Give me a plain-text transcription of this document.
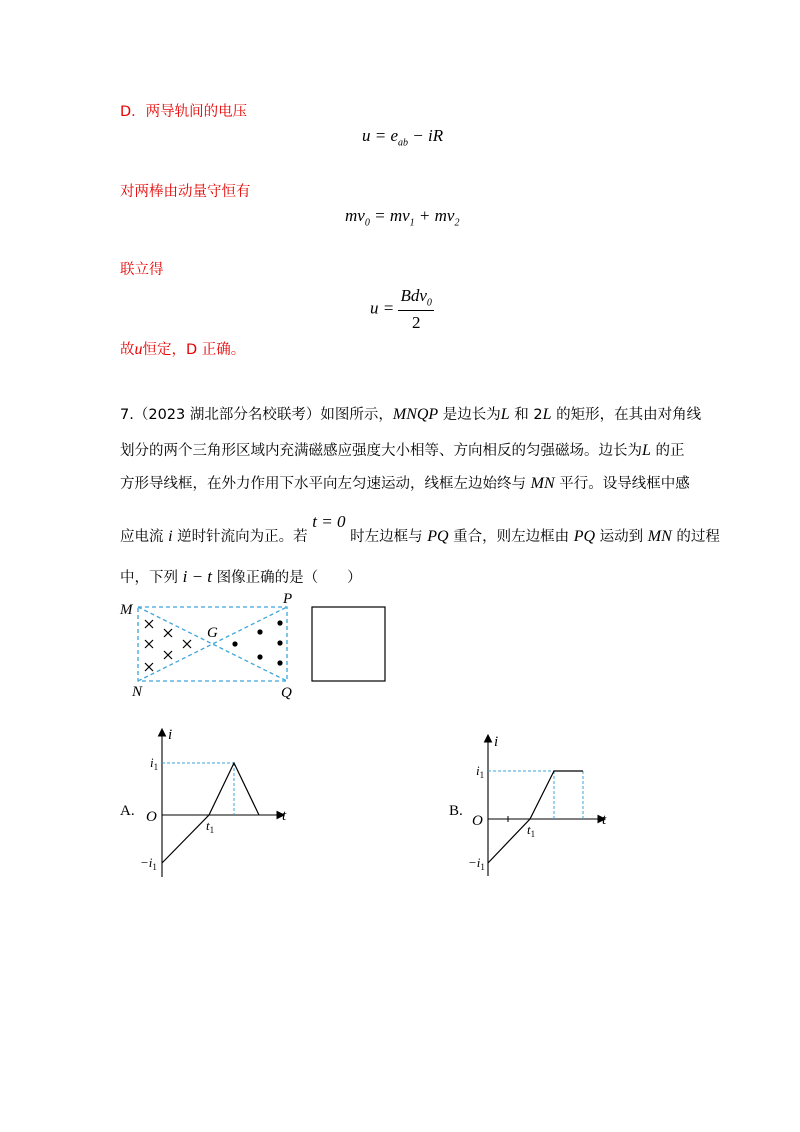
D．两导轨间的电压
$u = e_{ab}$ − iR
对两棒由动量守恒有
$mv_0 = mv_1 + mv_2$
联立得
$u = \frac{Bdv_0}{2}$
故u恒定，D 正确。
7.（2023 湖北部分名校联考）如图所示，MNQP 是边长为L 和 2L 的矩形，在其由对角线
划分的两个三角形区域内充满磁感应强度大小相等、方向相反的匀强磁场。边长为L 的正
方形导线框，在外力作用下水平向左匀速运动，线框左边始终与 MN 平行。设导线框中感
应电流 i 逆时针流向为正。若 t = 0 时左边框与 PQ 重合，则左边框由 PQ 运动到 MN 的过程
中，下列 i − t 图像正确的是（　　）
M
N
P
Q
G
A.
i
t
O
$i_1$
$-i_1$
$t_1$
B.
i
t
O
$i_1$
$-i_1$
$t_1$
